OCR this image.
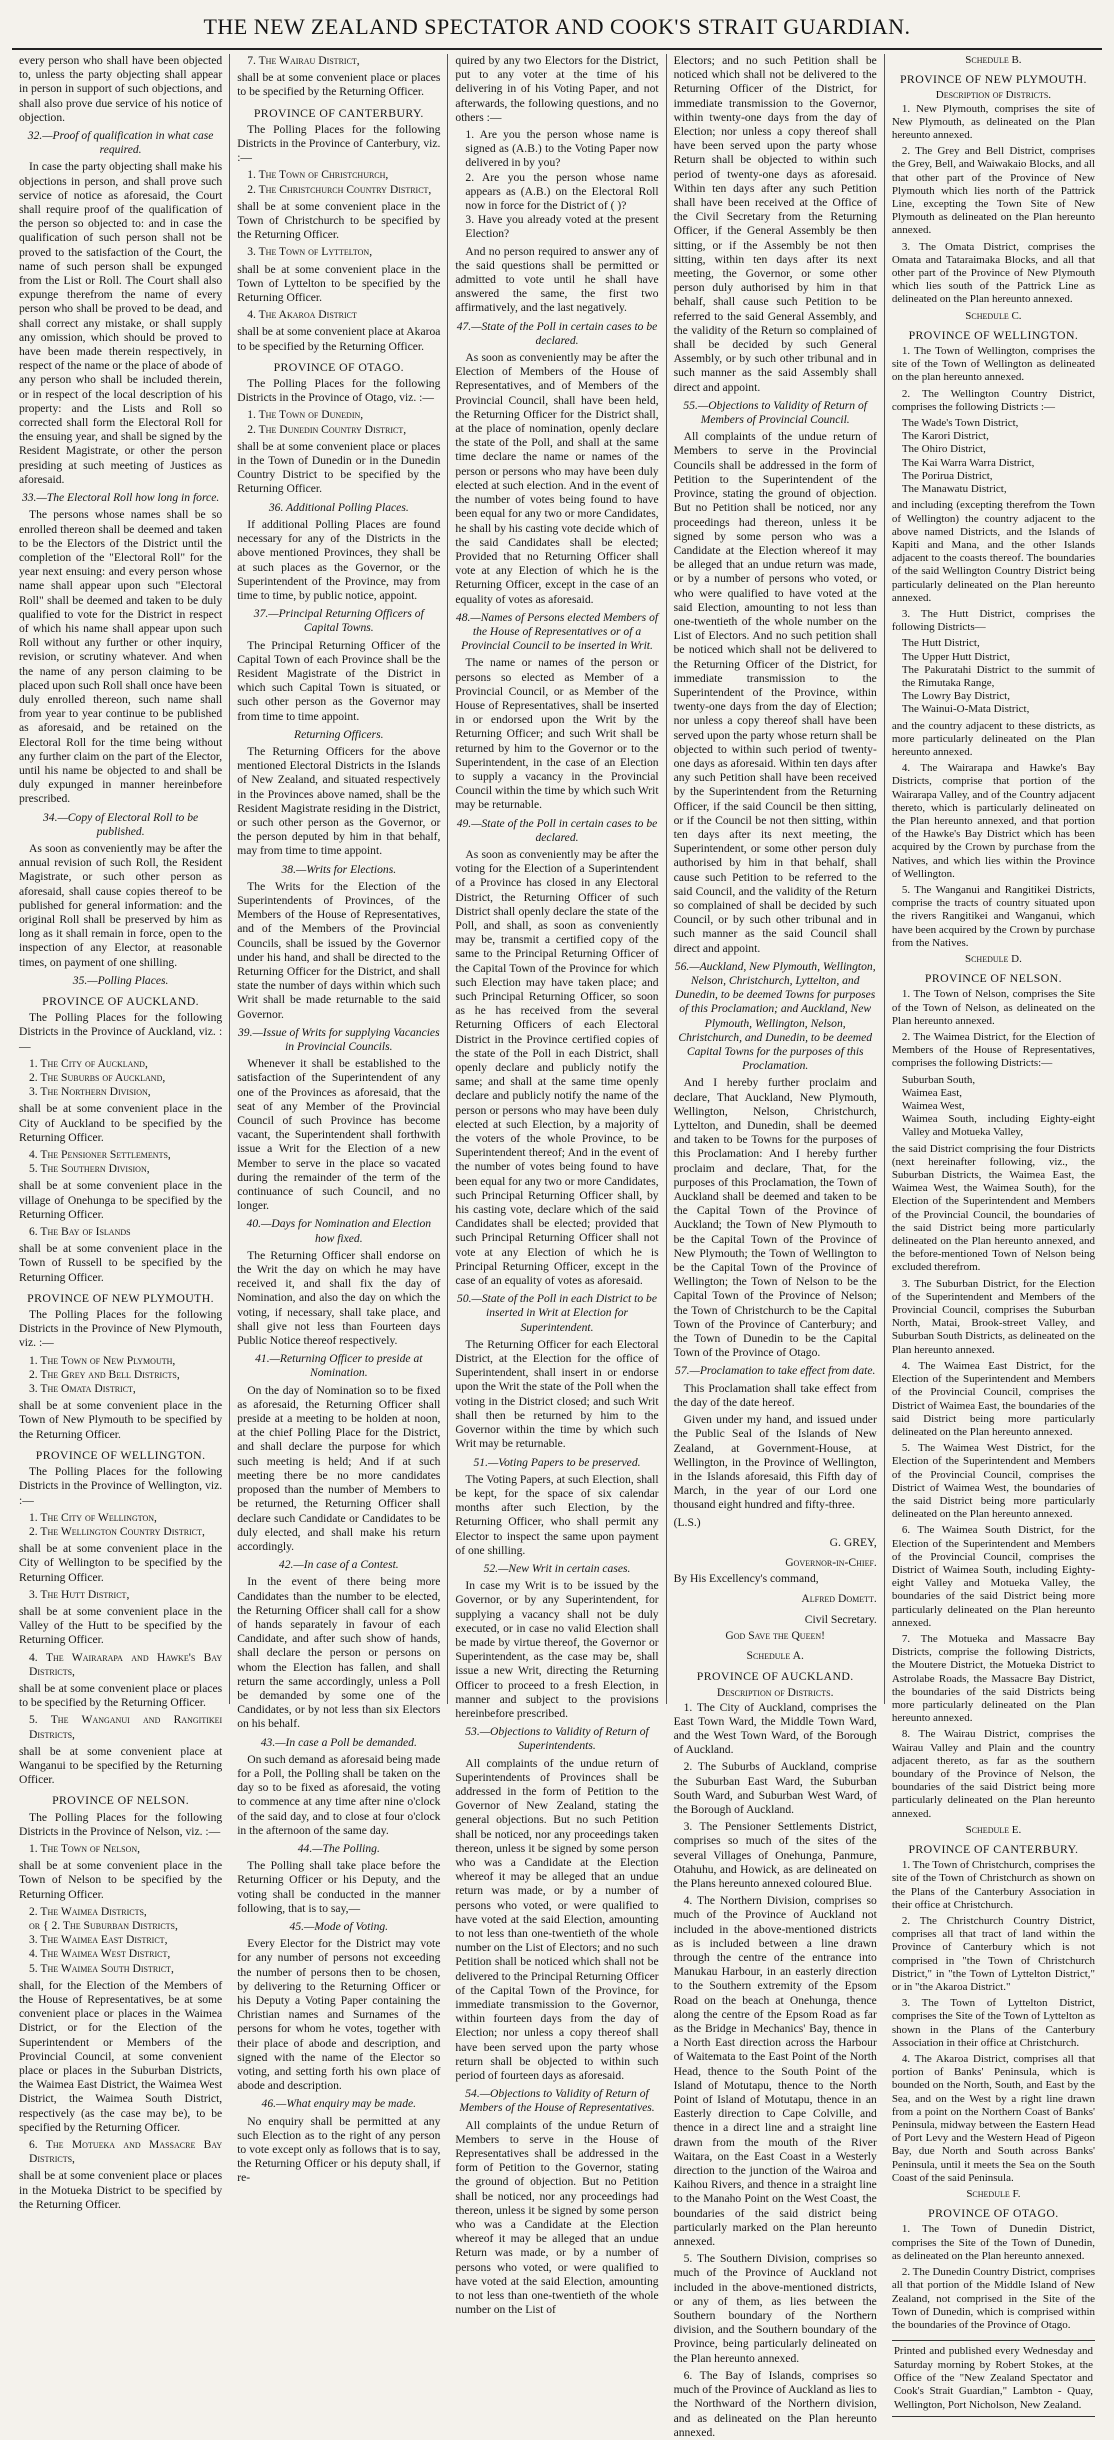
THE NEW ZEALAND SPECTATOR AND COOK'S STRAIT GUARDIAN.

every person who shall have been objected to, unless the party objecting shall appear in person in support of such objections, and shall also prove due service of his notice of objection.

32.—Proof of qualification in what case required.

In case the party objecting shall make his objections in person, and shall prove such service of notice as aforesaid, the Court shall require proof of the qualification of the person so objected to: and in case the qualification of such person shall not be proved to the satisfaction of the Court, the name of such person shall be expunged from the List or Roll. The Court shall also expunge therefrom the name of every person who shall be proved to be dead, and shall correct any mistake, or shall supply any omission, which should be proved to have been made therein respectively, in respect of the name or the place of abode of any person who shall be included therein, or in respect of the local description of his property: and the Lists and Roll so corrected shall form the Electoral Roll for the ensuing year, and shall be signed by the Resident Magistrate, or other the person presiding at such meeting of Justices as aforesaid.

33.—The Electoral Roll how long in force.

The persons whose names shall be so enrolled thereon shall be deemed and taken to be the Electors of the District until the completion of the "Electoral Roll" for the year next ensuing: and every person whose name shall appear upon such "Electoral Roll" shall be deemed and taken to be duly qualified to vote for the District in respect of which his name shall appear upon such Roll without any further or other inquiry, revision, or scrutiny whatever. And when the name of any person claiming to be placed upon such Roll shall once have been duly enrolled thereon, such name shall from year to year continue to be published as aforesaid, and be retained on the Electoral Roll for the time being without any further claim on the part of the Elector, until his name be objected to and shall be duly expunged in manner hereinbefore prescribed.

34.—Copy of Electoral Roll to be published.

As soon as conveniently may be after the annual revision of such Roll, the Resident Magistrate, or such other person as aforesaid, shall cause copies thereof to be published for general information: and the original Roll shall be preserved by him as long as it shall remain in force, open to the inspection of any Elector, at reasonable times, on payment of one shilling.

35.—Polling Places.
PROVINCE OF AUCKLAND.

The Polling Places for the following Districts in the Province of Auckland, viz. :—

1. The City of Auckland,
2. The Suburbs of Auckland,
3. The Northern Division,

shall be at some convenient place in the City of Auckland to be specified by the Returning Officer.

4. The Pensioner Settlements,
5. The Southern Division,

shall be at some convenient place in the village of Onehunga to be specified by the Returning Officer.

6. The Bay of Islands

shall be at some convenient place in the Town of Russell to be specified by the Returning Officer.

PROVINCE OF NEW PLYMOUTH.

The Polling Places for the following Districts in the Province of New Plymouth, viz. :—

1. The Town of New Plymouth,
2. The Grey and Bell Districts,
3. The Omata District,

shall be at some convenient place in the Town of New Plymouth to be specified by the Returning Officer.

PROVINCE OF WELLINGTON.

The Polling Places for the following Districts in the Province of Wellington, viz. :—

1. The City of Wellington,
2. The Wellington Country District,

shall be at some convenient place in the City of Wellington to be specified by the Returning Officer.

3. The Hutt District,

shall be at some convenient place in the Valley of the Hutt to be specified by the Returning Officer.

4. The Wairarapa and Hawke's Bay Districts,

shall be at some convenient place or places to be specified by the Returning Officer.

5. The Wanganui and Rangitikei Districts,

shall be at some convenient place at Wanganui to be specified by the Returning Officer.

PROVINCE OF NELSON.

The Polling Places for the following Districts in the Province of Nelson, viz. :—

1. The Town of Nelson,

shall be at some convenient place in the Town of Nelson to be specified by the Returning Officer.

2. The Waimea Districts,
or { 2. The Suburban Districts,
3. The Waimea East District,
4. The Waimea West District,
5. The Waimea South District,

shall, for the Election of the Members of the House of Representatives, be at some convenient place or places in the Waimea District, or for the Election of the Superintendent or Members of the Provincial Council, at some convenient place or places in the Suburban Districts, the Waimea East District, the Waimea West District, the Waimea South District, respectively (as the case may be), to be specified by the Returning Officer.

6. The Motueka and Massacre Bay Districts,

shall be at some convenient place or places in the Motueka District to be specified by the Returning Officer.

7. The Wairau District,

shall be at some convenient place or places to be specified by the Returning Officer.

PROVINCE OF CANTERBURY.

The Polling Places for the following Districts in the Province of Canterbury, viz. :—

1. The Town of Christchurch,
2. The Christchurch Country District,

shall be at some convenient place in the Town of Christchurch to be specified by the Returning Officer.

3. The Town of Lyttelton,

shall be at some convenient place in the Town of Lyttelton to be specified by the Returning Officer.

4. The Akaroa District

shall be at some convenient place at Akaroa to be specified by the Returning Officer.

PROVINCE OF OTAGO.

The Polling Places for the following Districts in the Province of Otago, viz. :—

1. The Town of Dunedin,
2. The Dunedin Country District,

shall be at some convenient place or places in the Town of Dunedin or in the Dunedin Country District to be specified by the Returning Officer.

36. Additional Polling Places.

If additional Polling Places are found necessary for any of the Districts in the above mentioned Provinces, they shall be at such places as the Governor, or the Superintendent of the Province, may from time to time, by public notice, appoint.

37.—Principal Returning Officers of Capital Towns.

The Principal Returning Officer of the Capital Town of each Province shall be the Resident Magistrate of the District in which such Capital Town is situated, or such other person as the Governor may from time to time appoint.

Returning Officers.

The Returning Officers for the above mentioned Electoral Districts in the Islands of New Zealand, and situated respectively in the Provinces above named, shall be the Resident Magistrate residing in the District, or such other person as the Governor, or the person deputed by him in that behalf, may from time to time appoint.

38.—Writs for Elections.

The Writs for the Election of the Superintendents of Provinces, of the Members of the House of Representatives, and of the Members of the Provincial Councils, shall be issued by the Governor under his hand, and shall be directed to the Returning Officer for the District, and shall state the number of days within which such Writ shall be made returnable to the said Governor.

39.—Issue of Writs for supplying Vacancies in Provincial Councils.

Whenever it shall be established to the satisfaction of the Superintendent of any one of the Provinces as aforesaid, that the seat of any Member of the Provincial Council of such Province has become vacant, the Superintendent shall forthwith issue a Writ for the Election of a new Member to serve in the place so vacated during the remainder of the term of the continuance of such Council, and no longer.

40.—Days for Nomination and Election how fixed.

The Returning Officer shall endorse on the Writ the day on which he may have received it, and shall fix the day of Nomination, and also the day on which the voting, if necessary, shall take place, and shall give not less than Fourteen days Public Notice thereof respectively.

41.—Returning Officer to preside at Nomination.

On the day of Nomination so to be fixed as aforesaid, the Returning Officer shall preside at a meeting to be holden at noon, at the chief Polling Place for the District, and shall declare the purpose for which such meeting is held; And if at such meeting there be no more candidates proposed than the number of Members to be returned, the Returning Officer shall declare such Candidate or Candidates to be duly elected, and shall make his return accordingly.

42.—In case of a Contest.

In the event of there being more Candidates than the number to be elected, the Returning Officer shall call for a show of hands separately in favour of each Candidate, and after such show of hands, shall declare the person or persons on whom the Election has fallen, and shall return the same accordingly, unless a Poll be demanded by some one of the Candidates, or by not less than six Electors on his behalf.

43.—In case a Poll be demanded.

On such demand as aforesaid being made for a Poll, the Polling shall be taken on the day so to be fixed as aforesaid, the voting to commence at any time after nine o'clock of the said day, and to close at four o'clock in the afternoon of the same day.

44.—The Polling.

The Polling shall take place before the Returning Officer or his Deputy, and the voting shall be conducted in the manner following, that is to say,—

45.—Mode of Voting.

Every Elector for the District may vote for any number of persons not exceeding the number of persons then to be chosen, by delivering to the Returning Officer or his Deputy a Voting Paper containing the Christian names and Surnames of the persons for whom he votes, together with their place of abode and description, and signed with the name of the Elector so voting, and setting forth his own place of abode and description.

46.—What enquiry may be made.

No enquiry shall be permitted at any such Election as to the right of any person to vote except only as follows that is to say, the Returning Officer or his deputy shall, if re-

quired by any two Electors for the District, put to any voter at the time of his delivering in of his Voting Paper, and not afterwards, the following questions, and no others :—

1. Are you the person whose name is signed as (A.B.) to the Voting Paper now delivered in by you?
2. Are you the person whose name appears as (A.B.) on the Electoral Roll now in force for the District of ( )?
3. Have you already voted at the present Election?

And no person required to answer any of the said questions shall be permitted or admitted to vote until he shall have answered the same, the first two affirmatively, and the last negatively.

47.—State of the Poll in certain cases to be declared.

As soon as conveniently may be after the Election of Members of the House of Representatives, and of Members of the Provincial Council, shall have been held, the Returning Officer for the District shall, at the place of nomination, openly declare the state of the Poll, and shall at the same time declare the name or names of the person or persons who may have been duly elected at such election. And in the event of the number of votes being found to have been equal for any two or more Candidates, he shall by his casting vote decide which of the said Candidates shall be elected; Provided that no Returning Officer shall vote at any Election of which he is the Returning Officer, except in the case of an equality of votes as aforesaid.

48.—Names of Persons elected Members of the House of Representatives or of a Provincial Council to be inserted in Writ.

The name or names of the person or persons so elected as Member of a Provincial Council, or as Member of the House of Representatives, shall be inserted in or endorsed upon the Writ by the Returning Officer; and such Writ shall be returned by him to the Governor or to the Superintendent, in the case of an Election to supply a vacancy in the Provincial Council within the time by which such Writ may be returnable.

49.—State of the Poll in certain cases to be declared.

As soon as conveniently may be after the voting for the Election of a Superintendent of a Province has closed in any Electoral District, the Returning Officer of such District shall openly declare the state of the Poll, and shall, as soon as conveniently may be, transmit a certified copy of the same to the Principal Returning Officer of the Capital Town of the Province for which such Election may have taken place; and such Principal Returning Officer, so soon as he has received from the several Returning Officers of each Electoral District in the Province certified copies of the state of the Poll in each District, shall openly declare and publicly notify the same; and shall at the same time openly declare and publicly notify the name of the person or persons who may have been duly elected at such Election, by a majority of the voters of the whole Province, to be Superintendent thereof; And in the event of the number of votes being found to have been equal for any two or more Candidates, such Principal Returning Officer shall, by his casting vote, declare which of the said Candidates shall be elected; provided that such Principal Returning Officer shall not vote at any Election of which he is Principal Returning Officer, except in the case of an equality of votes as aforesaid.

50.—State of the Poll in each District to be inserted in Writ at Election for Superintendent.

The Returning Officer for each Electoral District, at the Election for the office of Superintendent, shall insert in or endorse upon the Writ the state of the Poll when the voting in the District closed; and such Writ shall then be returned by him to the Governor within the time by which such Writ may be returnable.

51.—Voting Papers to be preserved.

The Voting Papers, at such Election, shall be kept, for the space of six calendar months after such Election, by the Returning Officer, who shall permit any Elector to inspect the same upon payment of one shilling.

52.—New Writ in certain cases.

In case my Writ is to be issued by the Governor, or by any Superintendent, for supplying a vacancy shall not be duly executed, or in case no valid Election shall be made by virtue thereof, the Governor or Superintendent, as the case may be, shall issue a new Writ, directing the Returning Officer to proceed to a fresh Election, in manner and subject to the provisions hereinbefore prescribed.

53.—Objections to Validity of Return of Superintendents.

All complaints of the undue return of Superintendents of Provinces shall be addressed in the form of Petition to the Governor of New Zealand, stating the general objections. But no such Petition shall be noticed, nor any proceedings taken thereon, unless it be signed by some person who was a Candidate at the Election whereof it may be alleged that an undue return was made, or by a number of persons who voted, or were qualified to have voted at the said Election, amounting to not less than one-twentieth of the whole number on the List of Electors; and no such Petition shall be noticed which shall not be delivered to the Principal Returning Officer of the Capital Town of the Province, for immediate transmission to the Governor, within fourteen days from the day of Election; nor unless a copy thereof shall have been served upon the party whose return shall be objected to within such period of fourteen days as aforesaid.

54.—Objections to Validity of Return of Members of the House of Representatives.

All complaints of the undue Return of Members to serve in the House of Representatives shall be addressed in the form of Petition to the Governor, stating the ground of objection. But no Petition shall be noticed, nor any proceedings had thereon, unless it be signed by some person who was a Candidate at the Election whereof it may be alleged that an undue Return was made, or by a number of persons who voted, or were qualified to have voted at the said Election, amounting to not less than one-twentieth of the whole number on the List of

Electors; and no such Petition shall be noticed which shall not be delivered to the Returning Officer of the District, for immediate transmission to the Governor, within twenty-one days from the day of Election; nor unless a copy thereof shall have been served upon the party whose Return shall be objected to within such period of twenty-one days as aforesaid. Within ten days after any such Petition shall have been received at the Office of the Civil Secretary from the Returning Officer, if the General Assembly be then sitting, or if the Assembly be not then sitting, within ten days after its next meeting, the Governor, or some other person duly authorised by him in that behalf, shall cause such Petition to be referred to the said General Assembly, and the validity of the Return so complained of shall be decided by such General Assembly, or by such other tribunal and in such manner as the said Assembly shall direct and appoint.

55.—Objections to Validity of Return of Members of Provincial Council.

All complaints of the undue return of Members to serve in the Provincial Councils shall be addressed in the form of Petition to the Superintendent of the Province, stating the ground of objection. But no Petition shall be noticed, nor any proceedings had thereon, unless it be signed by some person who was a Candidate at the Election whereof it may be alleged that an undue return was made, or by a number of persons who voted, or who were qualified to have voted at the said Election, amounting to not less than one-twentieth of the whole number on the List of Electors. And no such petition shall be noticed which shall not be delivered to the Returning Officer of the District, for immediate transmission to the Superintendent of the Province, within twenty-one days from the day of Election; nor unless a copy thereof shall have been served upon the party whose return shall be objected to within such period of twenty-one days as aforesaid. Within ten days after any such Petition shall have been received by the Superintendent from the Returning Officer, if the said Council be then sitting, or if the Council be not then sitting, within ten days after its next meeting, the Superintendent, or some other person duly authorised by him in that behalf, shall cause such Petition to be referred to the said Council, and the validity of the Return so complained of shall be decided by such Council, or by such other tribunal and in such manner as the said Council shall direct and appoint.

56.—Auckland, New Plymouth, Wellington, Nelson, Christchurch, Lyttelton, and Dunedin, to be deemed Towns for purposes of this Proclamation; and Auckland, New Plymouth, Wellington, Nelson, Christchurch, and Dunedin, to be deemed Capital Towns for the purposes of this Proclamation.

And I hereby further proclaim and declare, That Auckland, New Plymouth, Wellington, Nelson, Christchurch, Lyttelton, and Dunedin, shall be deemed and taken to be Towns for the purposes of this Proclamation: And I hereby further proclaim and declare, That, for the purposes of this Proclamation, the Town of Auckland shall be deemed and taken to be the Capital Town of the Province of Auckland; the Town of New Plymouth to be the Capital Town of the Province of New Plymouth; the Town of Wellington to be the Capital Town of the Province of Wellington; the Town of Nelson to be the Capital Town of the Province of Nelson; the Town of Christchurch to be the Capital Town of the Province of Canterbury; and the Town of Dunedin to be the Capital Town of the Province of Otago.

57.—Proclamation to take effect from date.

This Proclamation shall take effect from the day of the date hereof.

Given under my hand, and issued under the Public Seal of the Islands of New Zealand, at Government-House, at Wellington, in the Province of Wellington, in the Islands aforesaid, this Fifth day of March, in the year of our Lord one thousand eight hundred and fifty-three.

(L.S.)
G. GREY,
Governor-in-Chief.
By His Excellency's command,
Alfred Domett.
Civil Secretary.
God Save the Queen!
Schedule A.
PROVINCE OF AUCKLAND.
Description of Districts.

1. The City of Auckland, comprises the East Town Ward, the Middle Town Ward, and the West Town Ward, of the Borough of Auckland.

2. The Suburbs of Auckland, comprise the Suburban East Ward, the Suburban South Ward, and Suburban West Ward, of the Borough of Auckland.

3. The Pensioner Settlements District, comprises so much of the sites of the several Villages of Onehunga, Panmure, Otahuhu, and Howick, as are delineated on the Plans hereunto annexed coloured Blue.

4. The Northern Division, comprises so much of the Province of Auckland not included in the above-mentioned districts as is included between a line drawn through the centre of the entrance into Manukau Harbour, in an easterly direction to the Southern extremity of the Epsom Road on the beach at Onehunga, thence along the centre of the Epsom Road as far as the Bridge in Mechanics' Bay, thence in a North East direction across the Harbour of Waitemata to the East Point of the North Head, thence to the South Point of the Island of Motutapu, thence to the North Point of Island of Motutapu, thence in an Easterly direction to Cape Colville, and thence in a direct line and a straight line drawn from the mouth of the River Waitara, on the East Coast in a Westerly direction to the junction of the Wairoa and Kaihou Rivers, and thence in a straight line to the Manaho Point on the West Coast, the boundaries of the said district being particularly marked on the Plan hereunto annexed.

5. The Southern Division, comprises so much of the Province of Auckland not included in the above-mentioned districts, or any of them, as lies between the Southern boundary of the Northern division, and the Southern boundary of the Province, being particularly delineated on the Plan hereunto annexed.

6. The Bay of Islands, comprises so much of the Province of Auckland as lies to the Northward of the Northern division, and as delineated on the Plan hereunto annexed.

Schedule B.
PROVINCE OF NEW PLYMOUTH.
Description of Districts.

1. New Plymouth, comprises the site of New Plymouth, as delineated on the Plan hereunto annexed.

2. The Grey and Bell District, comprises the Grey, Bell, and Waiwakaio Blocks, and all that other part of the Province of New Plymouth which lies north of the Pattrick Line, excepting the Town Site of New Plymouth as delineated on the Plan hereunto annexed.

3. The Omata District, comprises the Omata and Tataraimaka Blocks, and all that other part of the Province of New Plymouth which lies south of the Pattrick Line as delineated on the Plan hereunto annexed.

Schedule C.
PROVINCE OF WELLINGTON.

1. The Town of Wellington, comprises the site of the Town of Wellington as delineated on the plan hereunto annexed.

2. The Wellington Country District, comprises the following Districts :—

The Wade's Town District,
The Karori District,
The Ohiro District,
The Kai Warra Warra District,
The Porirua District,
The Manawatu District,

and including (excepting therefrom the Town of Wellington) the country adjacent to the above named Districts, and the Islands of Kapiti and Mana, and the other Islands adjacent to the coasts thereof. The boundaries of the said Wellington Country District being particularly delineated on the Plan hereunto annexed.

3. The Hutt District, comprises the following Districts—

The Hutt District,
The Upper Hutt District,
The Pakuratahi District to the summit of the Rimutaka Range,
The Lowry Bay District,
The Wainui-O-Mata District,

and the country adjacent to these districts, as more particularly delineated on the Plan hereunto annexed.

4. The Wairarapa and Hawke's Bay Districts, comprise that portion of the Wairarapa Valley, and of the Country adjacent thereto, which is particularly delineated on the Plan hereunto annexed, and that portion of the Hawke's Bay District which has been acquired by the Crown by purchase from the Natives, and which lies within the Province of Wellington.

5. The Wanganui and Rangitikei Districts, comprise the tracts of country situated upon the rivers Rangitikei and Wanganui, which have been acquired by the Crown by purchase from the Natives.

Schedule D.
PROVINCE OF NELSON.

1. The Town of Nelson, comprises the Site of the Town of Nelson, as delineated on the Plan hereunto annexed.

2. The Waimea District, for the Election of Members of the House of Representatives, comprises the following Districts:—

Suburban South,
Waimea East,
Waimea West,
Waimea South, including Eighty-eight Valley and Motueka Valley,

the said District comprising the four Districts (next hereinafter following, viz., the Suburban Districts, the Waimea East, the Waimea West, the Waimea South), for the Election of the Superintendent and Members of the Provincial Council, the boundaries of the said District being more particularly delineated on the Plan hereunto annexed, and the before-mentioned Town of Nelson being excluded therefrom.

3. The Suburban District, for the Election of the Superintendent and Members of the Provincial Council, comprises the Suburban North, Matai, Brook-street Valley, and Suburban South Districts, as delineated on the Plan hereunto annexed.

4. The Waimea East District, for the Election of the Superintendent and Members of the Provincial Council, comprises the District of Waimea East, the boundaries of the said District being more particularly delineated on the Plan hereunto annexed.

5. The Waimea West District, for the Election of the Superintendent and Members of the Provincial Council, comprises the District of Waimea West, the boundaries of the said District being more particularly delineated on the Plan hereunto annexed.

6. The Waimea South District, for the Election of the Superintendent and Members of the Provincial Council, comprises the District of Waimea South, including Eighty-eight Valley and Motueka Valley, the boundaries of the said District being more particularly delineated on the Plan hereunto annexed.

7. The Motueka and Massacre Bay Districts, comprise the following Districts, the Moutere District, the Motueka District to Astrolabe Roads, the Massacre Bay District, the boundaries of the said Districts being more particularly delineated on the Plan hereunto annexed.

8. The Wairau District, comprises the Wairau Valley and Plain and the country adjacent thereto, as far as the southern boundary of the Province of Nelson, the boundaries of the said District being more particularly delineated on the Plan hereunto annexed.

Schedule E.
PROVINCE OF CANTERBURY.

1. The Town of Christchurch, comprises the site of the Town of Christchurch as shown on the Plans of the Canterbury Association in their office at Christchurch.

2. The Christchurch Country District, comprises all that tract of land within the Province of Canterbury which is not comprised in "the Town of Christchurch District," in "the Town of Lyttelton District," or in "the Akaroa District."

3. The Town of Lyttelton District, comprises the Site of the Town of Lyttelton as shown in the Plans of the Canterbury Association in their office at Christchurch.

4. The Akaroa District, comprises all that portion of Banks' Peninsula, which is bounded on the North, South, and East by the Sea, and on the West by a right line drawn from a point on the Northern Coast of Banks' Peninsula, midway between the Eastern Head of Port Levy and the Western Head of Pigeon Bay, due North and South across Banks' Peninsula, until it meets the Sea on the South Coast of the said Peninsula.

Schedule F.
PROVINCE OF OTAGO.

1. The Town of Dunedin District, comprises the Site of the Town of Dunedin, as delineated on the Plan hereunto annexed.

2. The Dunedin Country District, comprises all that portion of the Middle Island of New Zealand, not comprised in the Site of the Town of Dunedin, which is comprised within the boundaries of the Province of Otago.

Printed and published every Wednesday and Saturday morning by Robert Stokes, at the Office of the "New Zealand Spectator and Cook's Strait Guardian," Lambton - Quay, Wellington, Port Nicholson, New Zealand.
